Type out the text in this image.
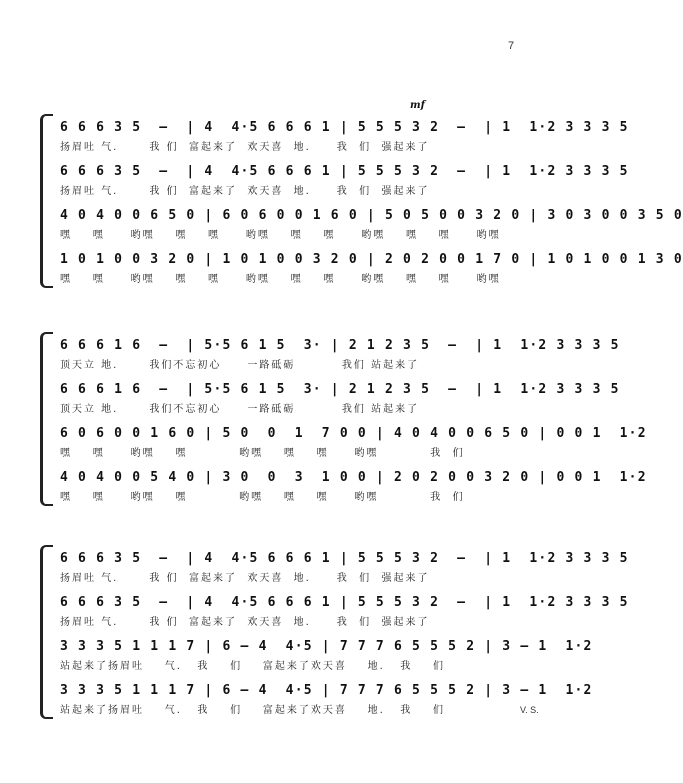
7
mf
6 6 6 3 5  –  | 4  4·5 6 6 6 1 | 5 5 5 3 2  –  | 1  1·2 3 3 3 5
扬眉吐 气.      我 们  富起来了  欢天喜  地.     我  们  强起来了
6 6 6 3 5  –  | 4  4·5 6 6 6 1 | 5 5 5 3 2  –  | 1  1·2 3 3 3 5
扬眉吐 气.      我 们  富起来了  欢天喜  地.     我  们  强起来了
4 0 4 0 0 6 5 0 | 6 0 6 0 0 1 6 0 | 5 0 5 0 0 3 2 0 | 3 0 3 0 0 3 5 0
嘿    嘿     哟嘿    嘿    嘿     哟嘿    嘿    嘿     哟嘿    嘿    嘿     哟嘿
1 0 1 0 0 3 2 0 | 1 0 1 0 0 3 2 0 | 2 0 2 0 0 1 7 0 | 1 0 1 0 0 1 3 0
嘿    嘿     哟嘿    嘿    嘿     哟嘿    嘿    嘿     哟嘿    嘿    嘿     哟嘿
6 6 6 1 6  –  | 5·5 6 1 5  3· | 2 1 2 3 5  –  | 1  1·2 3 3 3 5
顶天立 地.      我们不忘初心     一路砥砺         我们 站起来了
6 6 6 1 6  –  | 5·5 6 1 5  3· | 2 1 2 3 5  –  | 1  1·2 3 3 3 5
顶天立 地.      我们不忘初心     一路砥砺         我们 站起来了
6 0 6 0 0 1 6 0 | 5 0  0  1  7 0 0 | 4 0 4 0 0 6 5 0 | 0 0 1  1·2
嘿    嘿     哟嘿    嘿          哟嘿    嘿    嘿     哟嘿          我  们
4 0 4 0 0 5 4 0 | 3 0  0  3  1 0 0 | 2 0 2 0 0 3 2 0 | 0 0 1  1·2
嘿    嘿     哟嘿    嘿          哟嘿    嘿    嘿     哟嘿          我  们
6 6 6 3 5  –  | 4  4·5 6 6 6 1 | 5 5 5 3 2  –  | 1  1·2 3 3 3 5
扬眉吐 气.      我 们  富起来了  欢天喜  地.     我  们  强起来了
6 6 6 3 5  –  | 4  4·5 6 6 6 1 | 5 5 5 3 2  –  | 1  1·2 3 3 3 5
扬眉吐 气.      我 们  富起来了  欢天喜  地.     我  们  强起来了
3 3 3 5 1 1 1 7 | 6 – 4  4·5 | 7 7 7 6 5 5 5 2 | 3 – 1  1·2
站起来了扬眉吐    气.   我    们    富起来了欢天喜    地.   我    们
3 3 3 5 1 1 1 7 | 6 – 4  4·5 | 7 7 7 6 5 5 5 2 | 3 – 1  1·2
站起来了扬眉吐    气.   我    们    富起来了欢天喜    地.   我    们	V. S.
